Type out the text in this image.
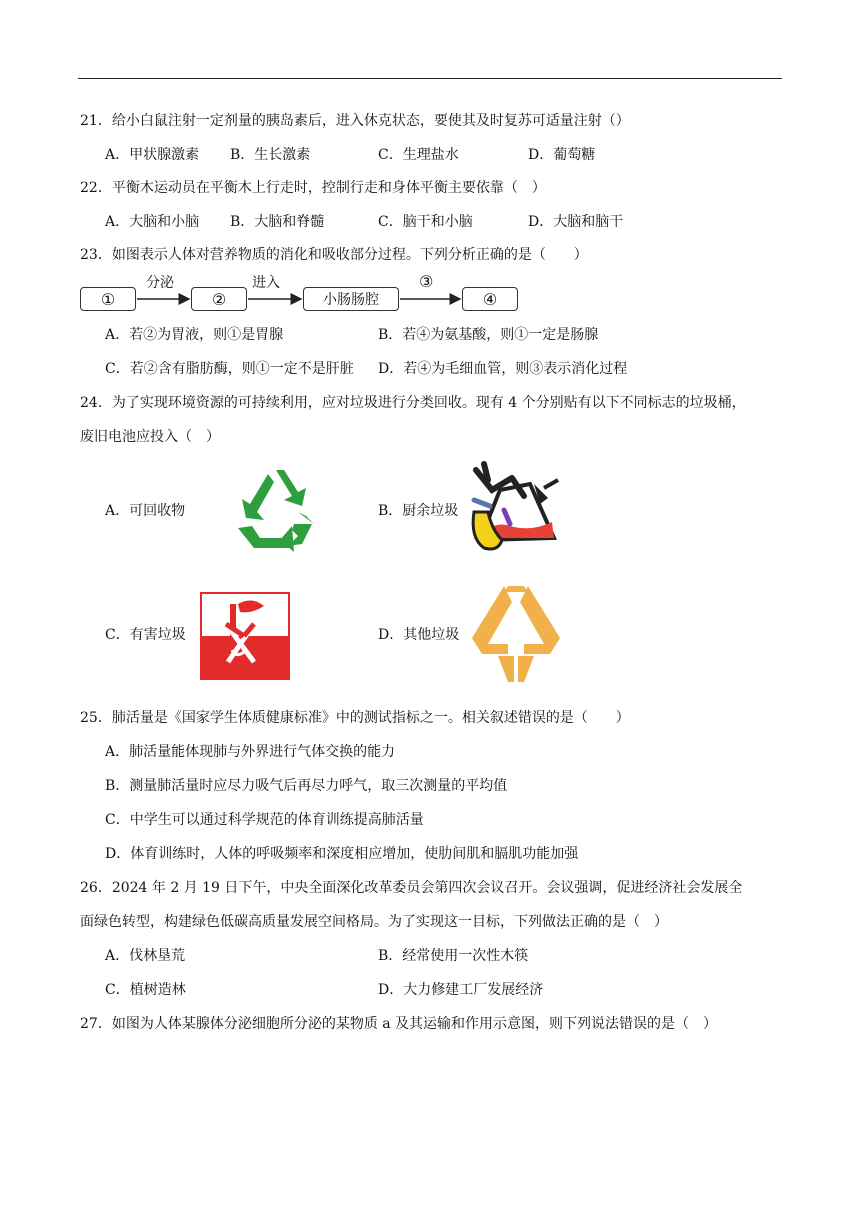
21．给小白鼠注射一定剂量的胰岛素后，进入休克状态，要使其及时复苏可适量注射（）
A．甲状腺激素 B．生长激素	C．生理盐水	D．葡萄糖
22．平衡木运动员在平衡木上行走时，控制行走和身体平衡主要依靠（　）
A．大脑和小脑 B．大脑和脊髓	C．脑干和小脑	D．大脑和脑干
23．如图表示人体对营养物质的消化和吸收部分过程。下列分析正确的是（　　）
①	②	小肠肠腔	④
分泌	进入	③
A．若②为胃液，则①是胃腺	B．若④为氨基酸，则①一定是肠腺
C．若②含有脂肪酶，则①一定不是肝脏 D．若④为毛细血管，则③表示消化过程
24．为了实现环境资源的可持续利用，应对垃圾进行分类回收。现有 4 个分别贴有以下不同标志的垃圾桶，
废旧电池应投入（　）
A．可回收物	B．厨余垃圾
C．有害垃圾	D．其他垃圾
25．肺活量是《国家学生体质健康标准》中的测试指标之一。相关叙述错误的是（　　）
A．肺活量能体现肺与外界进行气体交换的能力
B．测量肺活量时应尽力吸气后再尽力呼气，取三次测量的平均值
C．中学生可以通过科学规范的体育训练提高肺活量
D．体育训练时，人体的呼吸频率和深度相应增加，使肋间肌和膈肌功能加强
26．2024 年 2 月 19 日下午，中央全面深化改革委员会第四次会议召开。会议强调，促进经济社会发展全
面绿色转型，构建绿色低碳高质量发展空间格局。为了实现这一目标，下列做法正确的是（　）
A．伐林垦荒	B．经常使用一次性木筷
C．植树造林	D．大力修建工厂发展经济
27．如图为人体某腺体分泌细胞所分泌的某物质 a 及其运输和作用示意图，则下列说法错误的是（　）
